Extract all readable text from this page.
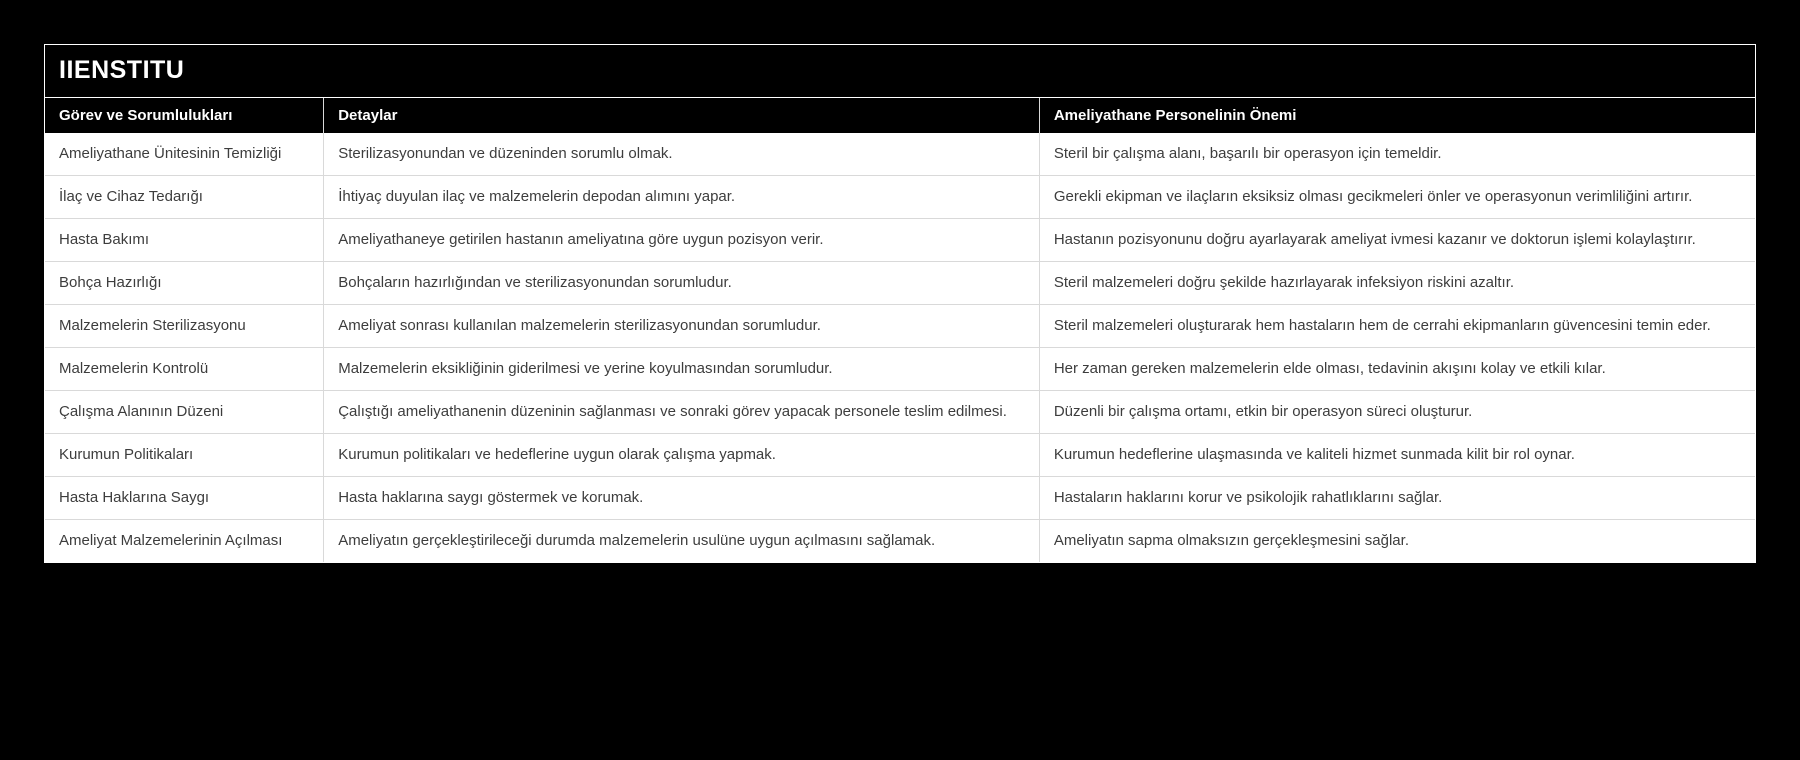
IIENSTITU
Görev ve Sorumlulukları	Detaylar	Ameliyathane Personelinin Önemi
Ameliyathane Ünitesinin Temizliği	Sterilizasyonundan ve düzeninden sorumlu olmak.	Steril bir çalışma alanı, başarılı bir operasyon için temeldir.
İlaç ve Cihaz Tedarığı	İhtiyaç duyulan ilaç ve malzemelerin depodan alımını yapar.	Gerekli ekipman ve ilaçların eksiksiz olması gecikmeleri önler ve operasyonun verimliliğini artırır.
Hasta Bakımı	Ameliyathaneye getirilen hastanın ameliyatına göre uygun pozisyon verir.	Hastanın pozisyonunu doğru ayarlayarak ameliyat ivmesi kazanır ve doktorun işlemi kolaylaştırır.
Bohça Hazırlığı	Bohçaların hazırlığından ve sterilizasyonundan sorumludur.	Steril malzemeleri doğru şekilde hazırlayarak infeksiyon riskini azaltır.
Malzemelerin Sterilizasyonu	Ameliyat sonrası kullanılan malzemelerin sterilizasyonundan sorumludur.	Steril malzemeleri oluşturarak hem hastaların hem de cerrahi ekipmanların güvencesini temin eder.
Malzemelerin Kontrolü	Malzemelerin eksikliğinin giderilmesi ve yerine koyulmasından sorumludur.	Her zaman gereken malzemelerin elde olması, tedavinin akışını kolay ve etkili kılar.
Çalışma Alanının Düzeni	Çalıştığı ameliyathanenin düzeninin sağlanması ve sonraki görev yapacak personele teslim edilmesi.	Düzenli bir çalışma ortamı, etkin bir operasyon süreci oluşturur.
Kurumun Politikaları	Kurumun politikaları ve hedeflerine uygun olarak çalışma yapmak.	Kurumun hedeflerine ulaşmasında ve kaliteli hizmet sunmada kilit bir rol oynar.
Hasta Haklarına Saygı	Hasta haklarına saygı göstermek ve korumak.	Hastaların haklarını korur ve psikolojik rahatlıklarını sağlar.
Ameliyat Malzemelerinin Açılması	Ameliyatın gerçekleştirileceği durumda malzemelerin usulüne uygun açılmasını sağlamak.	Ameliyatın sapma olmaksızın gerçekleşmesini sağlar.
